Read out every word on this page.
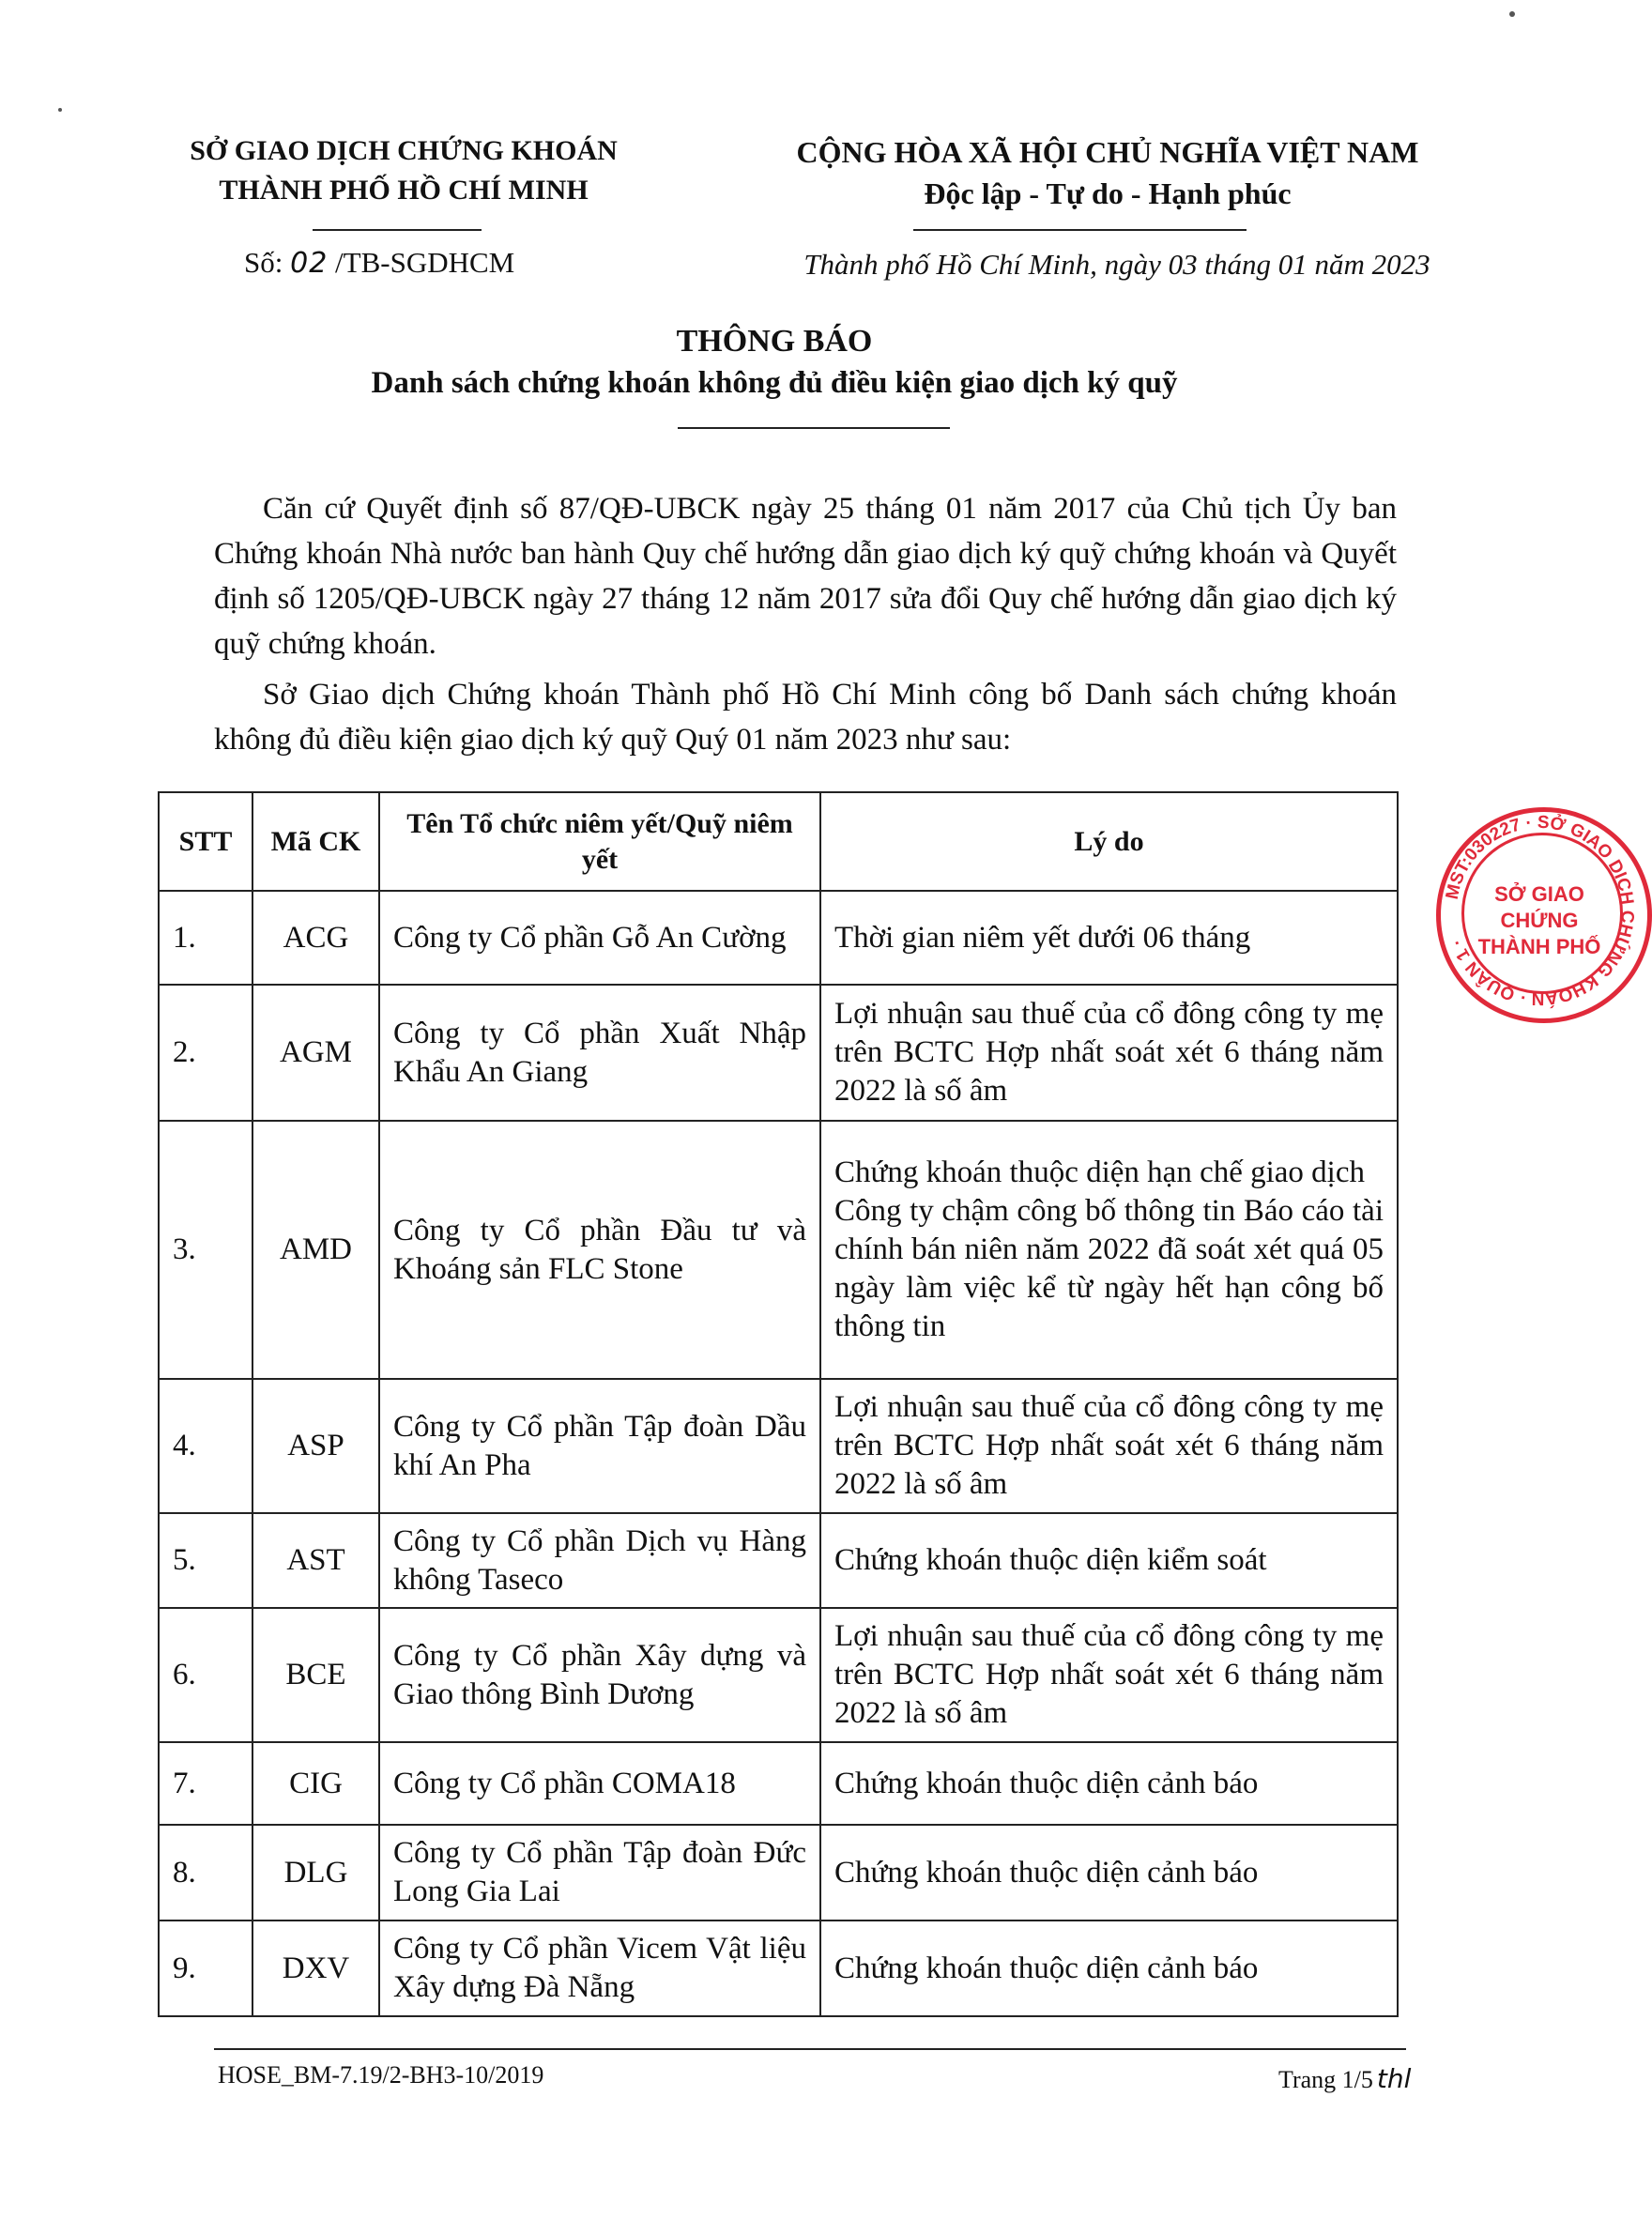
SỞ GIAO DỊCH CHỨNG KHOÁN
THÀNH PHỐ HỒ CHÍ MINH
CỘNG HÒA XÃ HỘI CHỦ NGHĨA VIỆT NAM
Độc lập - Tự do - Hạnh phúc
Số: 02 /TB-SGDHCM	Thành phố Hồ Chí Minh, ngày 03 tháng 01 năm 2023
THÔNG BÁO
Danh sách chứng khoán không đủ điều kiện giao dịch ký quỹ

Căn cứ Quyết định số 87/QĐ-UBCK ngày 25 tháng 01 năm 2017 của Chủ tịch Ủy ban Chứng khoán Nhà nước ban hành Quy chế hướng dẫn giao dịch ký quỹ chứng khoán và Quyết định số 1205/QĐ-UBCK ngày 27 tháng 12 năm 2017 sửa đổi Quy chế hướng dẫn giao dịch ký quỹ chứng khoán.

Sở Giao dịch Chứng khoán Thành phố Hồ Chí Minh công bố Danh sách chứng khoán không đủ điều kiện giao dịch ký quỹ Quý 01 năm 2023 như sau:

STT	Mã CK	Tên Tổ chức niêm yết/Quỹ niêm yết	Lý do
1.	ACG	Công ty Cổ phần Gỗ An Cường	Thời gian niêm yết dưới 06 tháng

2.	AGM	Công ty Cổ phần Xuất Nhập Khẩu An Giang	Lợi nhuận sau thuế của cổ đông công ty mẹ trên BCTC Hợp nhất soát xét 6 tháng năm 2022 là số âm

3.	AMD	Công ty Cổ phần Đầu tư và Khoáng sản FLC Stone	Chứng khoán thuộc diện hạn chế giao dịch
Công ty chậm công bố thông tin Báo cáo tài chính bán niên năm 2022 đã soát xét quá 05 ngày làm việc kể từ ngày hết hạn công bố thông tin

4.	ASP	Công ty Cổ phần Tập đoàn Dầu khí An Pha	Lợi nhuận sau thuế của cổ đông công ty mẹ trên BCTC Hợp nhất soát xét 6 tháng năm 2022 là số âm

5.	AST	Công ty Cổ phần Dịch vụ Hàng không Taseco	Chứng khoán thuộc diện kiểm soát

6.	BCE	Công ty Cổ phần Xây dựng và Giao thông Bình Dương	Lợi nhuận sau thuế của cổ đông công ty mẹ trên BCTC Hợp nhất soát xét 6 tháng năm 2022 là số âm

7.	CIG	Công ty Cổ phần COMA18	Chứng khoán thuộc diện cảnh báo

8.	DLG	Công ty Cổ phần Tập đoàn Đức Long Gia Lai	Chứng khoán thuộc diện cảnh báo

9.	DXV	Công ty Cổ phần Vicem Vật liệu Xây dựng Đà Nẵng	Chứng khoán thuộc diện cảnh báo
MST:030227 · SỞ GIAO DỊCH CHỨNG KHOÁN · QUẬN 1 ·
SỞ GIAO
CHỨNG
THÀNH PHỐ
HOSE_BM-7.19/2-BH3-10/2019	Trang 1/5 thl
